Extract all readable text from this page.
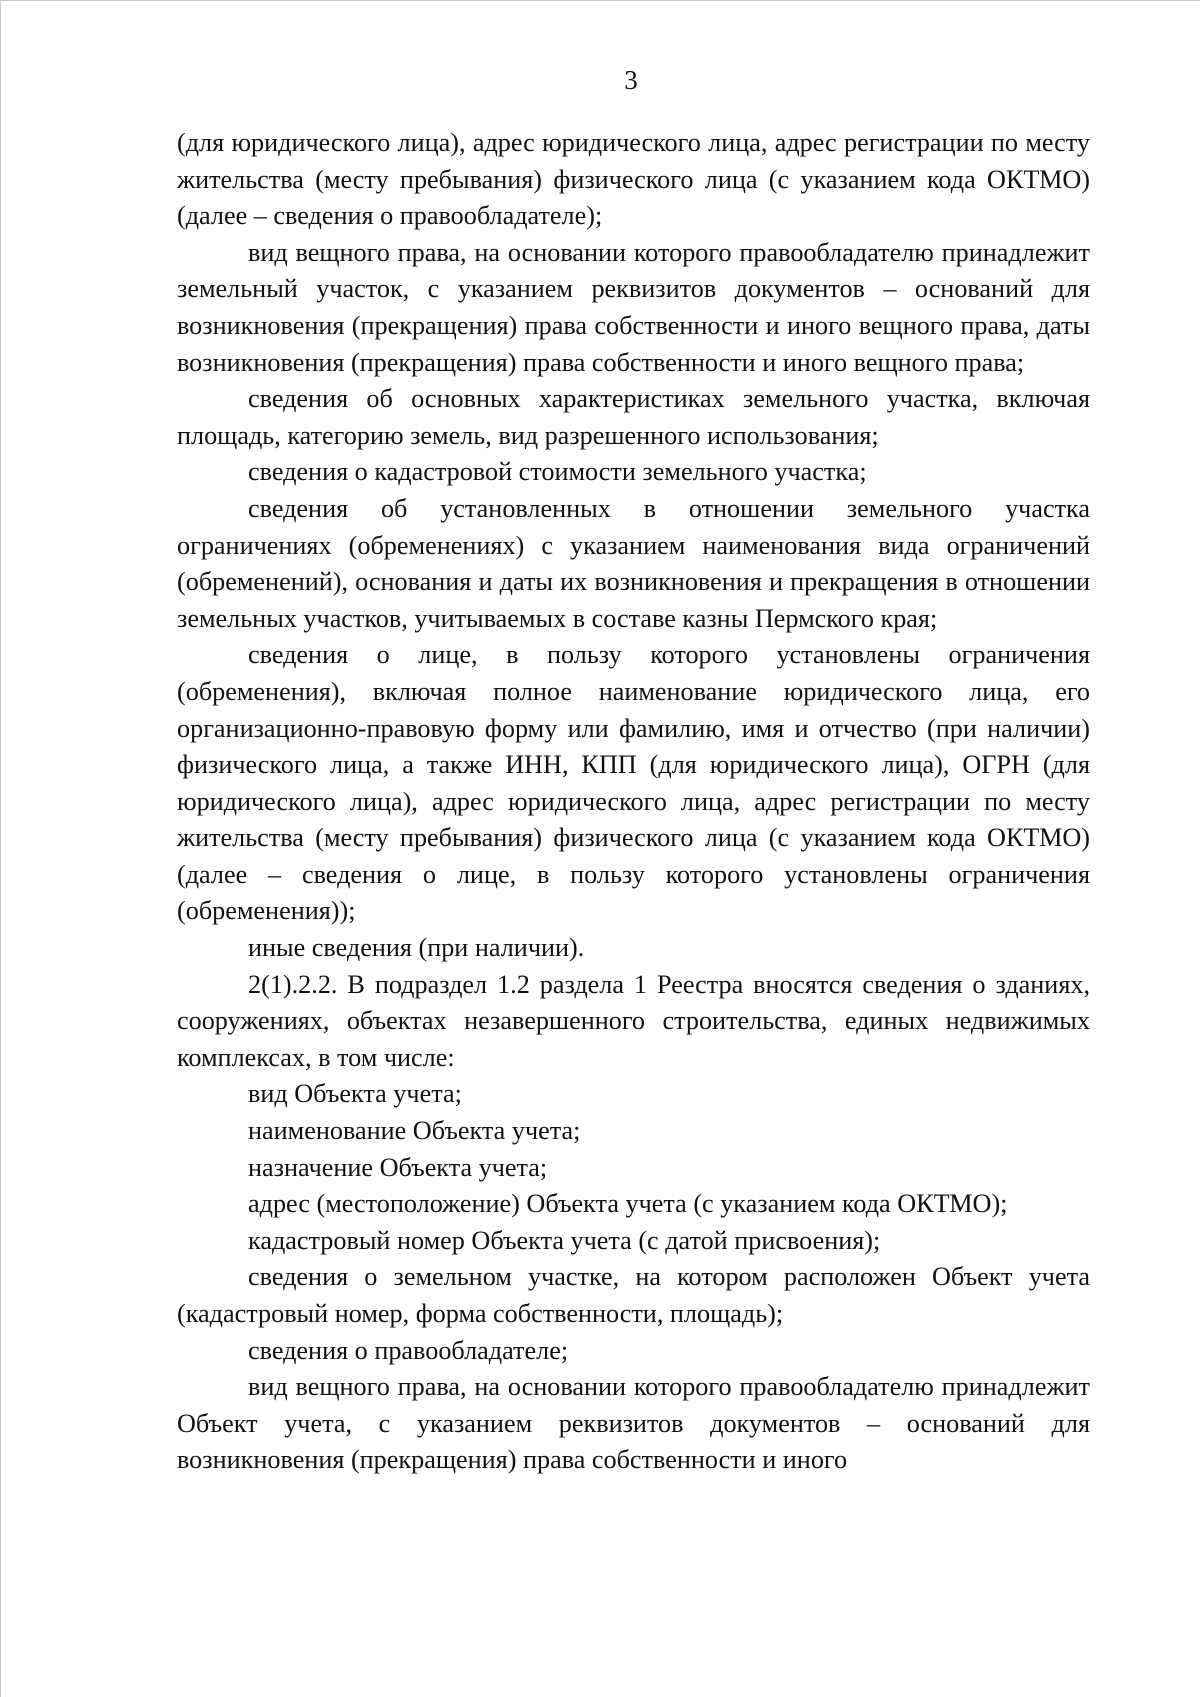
3

(для юридического лица), адрес юридического лица, адрес регистрации по месту жительства (месту пребывания) физического лица (с указанием кода ОКТМО) (далее – сведения о правообладателе);

вид вещного права, на основании которого правообладателю принадлежит земельный участок, с указанием реквизитов документов – оснований для возникновения (прекращения) права собственности и иного вещного права, даты возникновения (прекращения) права собственности и иного вещного права;

сведения об основных характеристиках земельного участка, включая площадь, категорию земель, вид разрешенного использования;

сведения о кадастровой стоимости земельного участка;

сведения об установленных в отношении земельного участка ограничениях (обременениях) с указанием наименования вида ограничений (обременений), основания и даты их возникновения и прекращения в отношении земельных участков, учитываемых в составе казны Пермского края;

сведения о лице, в пользу которого установлены ограничения (обременения), включая полное наименование юридического лица, его организационно-правовую форму или фамилию, имя и отчество (при наличии) физического лица, а также ИНН, КПП (для юридического лица), ОГРН (для юридического лица), адрес юридического лица, адрес регистрации по месту жительства (месту пребывания) физического лица (с указанием кода ОКТМО) (далее – сведения о лице, в пользу которого установлены ограничения (обременения));

иные сведения (при наличии).

2(1).2.2. В подраздел 1.2 раздела 1 Реестра вносятся сведения о зданиях, сооружениях, объектах незавершенного строительства, единых недвижимых комплексах, в том числе:

вид Объекта учета;

наименование Объекта учета;

назначение Объекта учета;

адрес (местоположение) Объекта учета (с указанием кода ОКТМО);

кадастровый номер Объекта учета (с датой присвоения);

сведения о земельном участке, на котором расположен Объект учета (кадастровый номер, форма собственности, площадь);

сведения о правообладателе;

вид вещного права, на основании которого правообладателю принадлежит Объект учета, с указанием реквизитов документов – оснований для возникновения (прекращения) права собственности и иного
